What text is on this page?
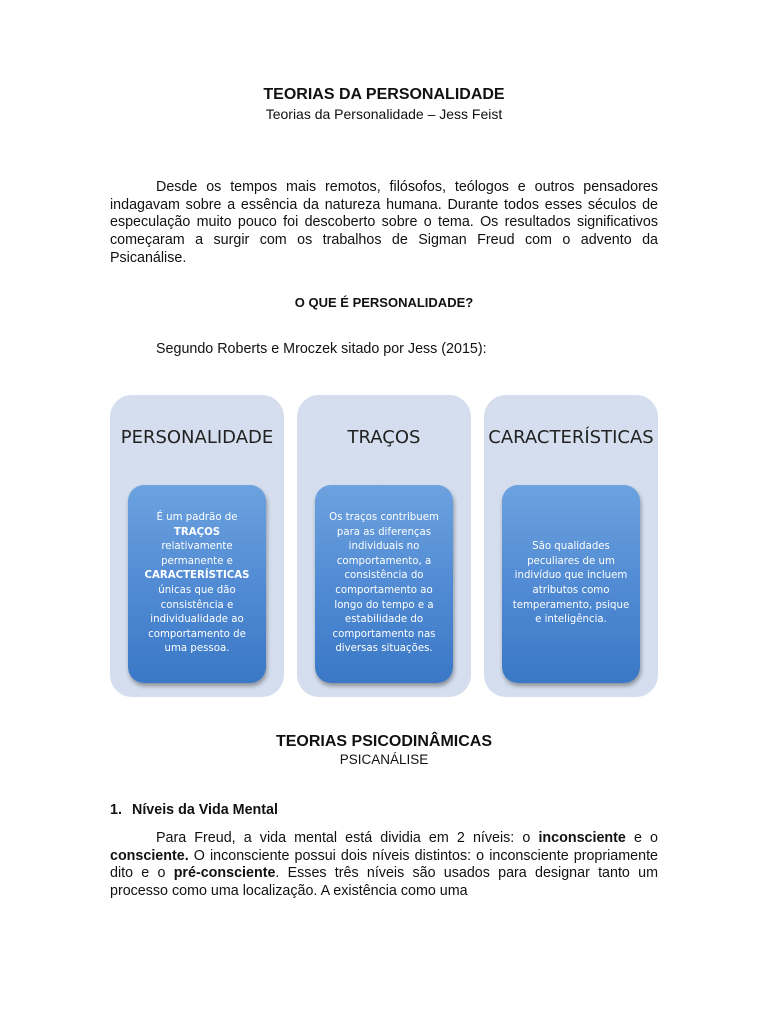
TEORIAS DA PERSONALIDADE
Teorias da Personalidade – Jess Feist
Desde os tempos mais remotos, filósofos, teólogos e outros pensadores indagavam sobre a essência da natureza humana. Durante todos esses séculos de especulação muito pouco foi descoberto sobre o tema. Os resultados significativos começaram a surgir com os trabalhos de Sigman Freud com o advento da Psicanálise.
O QUE É PERSONALIDADE?
Segundo Roberts e Mroczek sitado por Jess (2015):
PERSONALIDADE
É um padrão de
TRAÇOS
relativamente permanente e
CARACTERÍSTICAS
únicas que dão consistência e individualidade ao comportamento de uma pessoa.
TRAÇOS
Os traços contribuem para as diferenças individuais no comportamento, a consistência do comportamento ao longo do tempo e a estabilidade do comportamento nas diversas situações.
CARACTERÍSTICAS
São qualidades peculiares de um indivíduo que incluem atributos como temperamento, psique e inteligência.
TEORIAS PSICODINÂMICAS
PSICANÁLISE
1. Níveis da Vida Mental
Para Freud, a vida mental está dividia em 2 níveis: o inconsciente e o consciente. O inconsciente possui dois níveis distintos: o inconsciente propriamente dito e o pré-consciente. Esses três níveis são usados para designar tanto um processo como uma localização. A existência como uma
